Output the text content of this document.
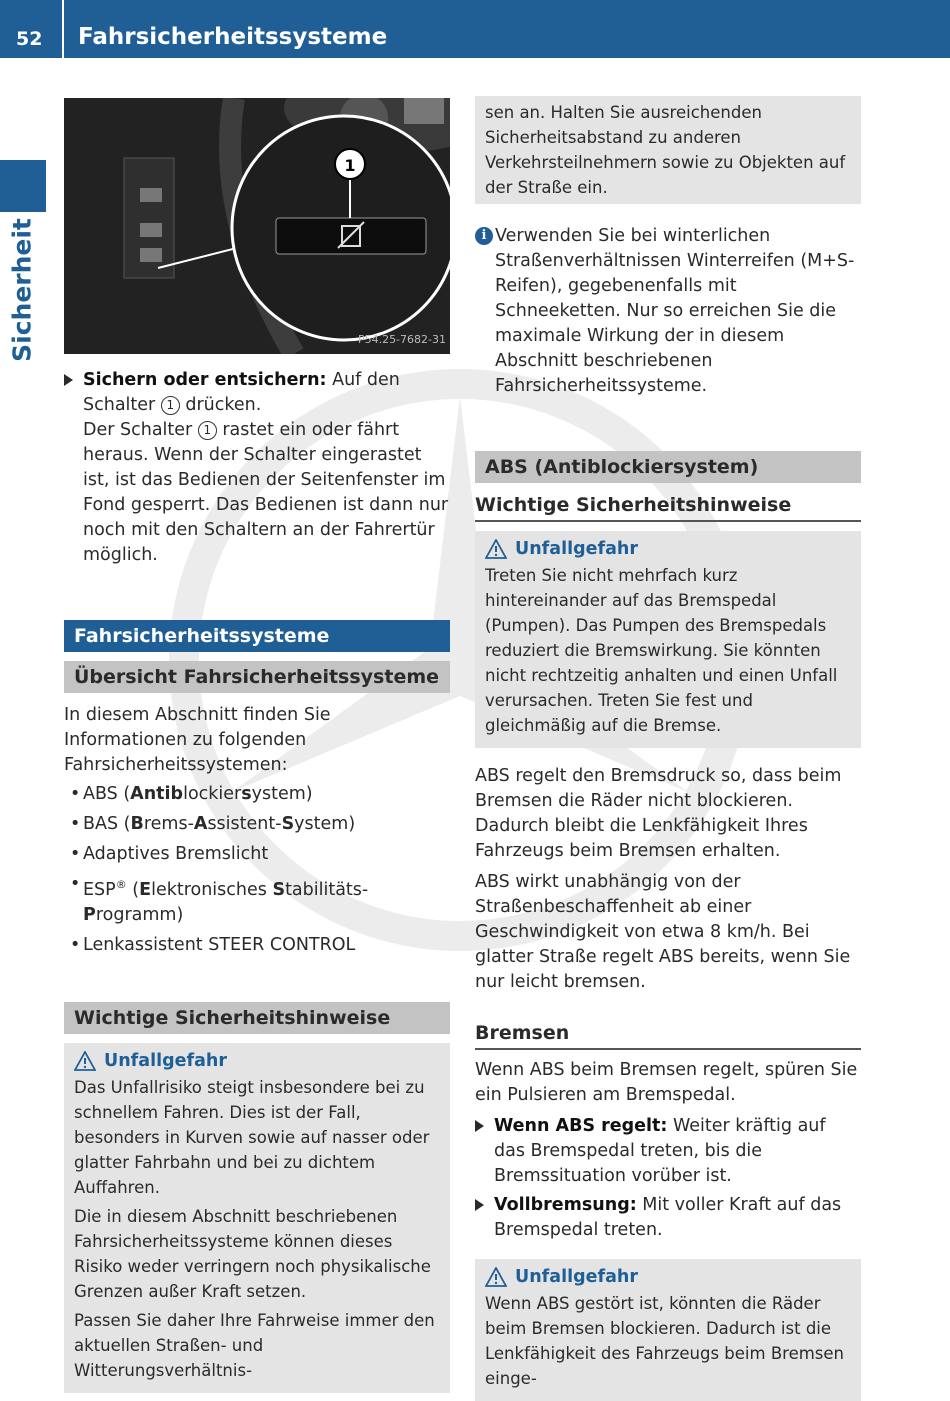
52 Fahrsicherheitssysteme
Sicherheit
1
P54.25-7682-31
Sichern oder entsichern: Auf den Schalter 1 drücken.
Der Schalter 1 rastet ein oder fährt heraus. Wenn der Schalter eingerastet ist, ist das Bedienen der Seitenfenster im Fond gesperrt. Das Bedienen ist dann nur noch mit den Schaltern an der Fahrertür möglich.
Fahrsicherheitssysteme
Übersicht Fahrsicherheitssysteme

In diesem Abschnitt finden Sie Informationen zu folgenden Fahrsicherheitssystemen:

• ABS (Antiblockiersystem)
• BAS (Brems-Assistent-System)
• Adaptives Bremslicht
• ESP® (Elektronisches Stabilitäts-
Programm)
• Lenkassistent STEER CONTROL
Wichtige Sicherheitshinweise
Unfallgefahr

Das Unfallrisiko steigt insbesondere bei zu schnellem Fahren. Dies ist der Fall, besonders in Kurven sowie auf nasser oder glatter Fahrbahn und bei zu dichtem Auffahren.

Die in diesem Abschnitt beschriebenen Fahrsicherheitssysteme können dieses Risiko weder verringern noch physikalische Grenzen außer Kraft setzen.

Passen Sie daher Ihre Fahrweise immer den aktuellen Straßen- und Witterungsverhältnis-

sen an. Halten Sie ausreichenden Sicherheitsabstand zu anderen Verkehrsteilnehmern sowie zu Objekten auf der Straße ein.

i Verwenden Sie bei winterlichen Straßenverhältnissen Winterreifen (M+S-Reifen), gegebenenfalls mit Schneeketten. Nur so erreichen Sie die maximale Wirkung der in diesem Abschnitt beschriebenen Fahrsicherheitssysteme.
ABS (Antiblockiersystem)
Wichtige Sicherheitshinweise
Unfallgefahr

Treten Sie nicht mehrfach kurz hintereinander auf das Bremspedal (Pumpen). Das Pumpen des Bremspedals reduziert die Bremswirkung. Sie könnten nicht rechtzeitig anhalten und einen Unfall verursachen. Treten Sie fest und gleichmäßig auf die Bremse.

ABS regelt den Bremsdruck so, dass beim Bremsen die Räder nicht blockieren. Dadurch bleibt die Lenkfähigkeit Ihres Fahrzeugs beim Bremsen erhalten.

ABS wirkt unabhängig von der Straßenbeschaffenheit ab einer Geschwindigkeit von etwa 8 km/h. Bei glatter Straße regelt ABS bereits, wenn Sie nur leicht bremsen.

Bremsen

Wenn ABS beim Bremsen regelt, spüren Sie ein Pulsieren am Bremspedal.

Wenn ABS regelt: Weiter kräftig auf das Bremspedal treten, bis die Bremssituation vorüber ist.
Vollbremsung: Mit voller Kraft auf das Bremspedal treten.
Unfallgefahr

Wenn ABS gestört ist, könnten die Räder beim Bremsen blockieren. Dadurch ist die Lenkfähigkeit des Fahrzeugs beim Bremsen einge-
